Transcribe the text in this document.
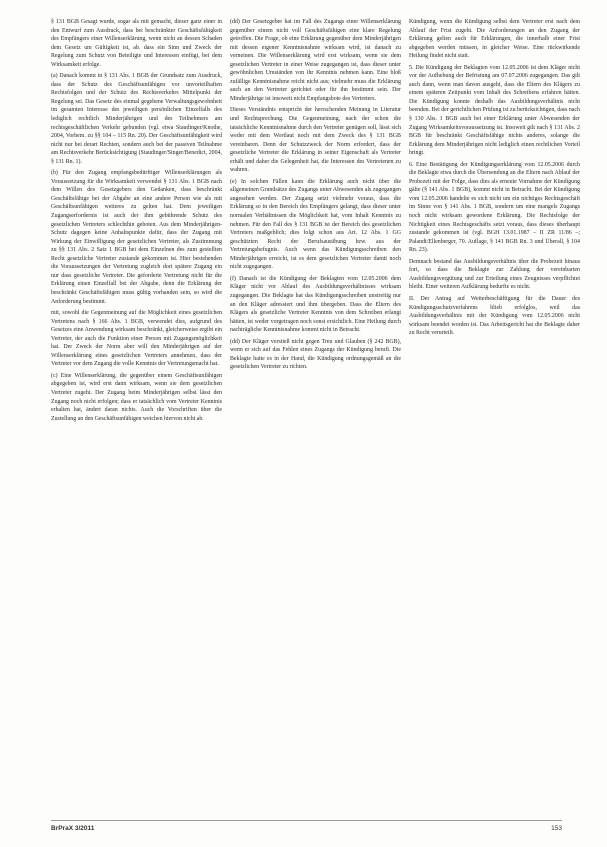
§ 131 BGB Gesagt wurde, sogar als mit gemacht, dieser ganz einer in den Entwurf zum Ausdruck, dass bei beschränkter Geschäftsfähigkeit des Empfängers einer Willenserklärung, wenn nicht an dessen Schaden dem Gesetz um Gültigkeit ist, ab. dass ein Sinn und Zweck der Regelung zum Schutz von Beteiligte und Interessen einfügt, bei dem Wirksamkeit erfolge.

(a) Danach kommt in § 131 Abs. 1 BGB der Grundsatz zum Ausdruck, dass der Schutz des Geschäftsunfähigen vor unvorteilhaften Rechtsfolgen und der Schutz des Rechtsverkehrs Mittelpunkt der Regelung sei. Das Gesetz des einmal gegebene Verwaltungsgewohnheit im gesamten Interesse des jeweiligen persönlichen Einzelfalls des lediglich rechtlich Minderjährigen und des Teilnehmers am rechtsgeschäftlichen Verkehr gebunden (vgl. etwa Staudinger/Knothe, 2004, Vorbem. zu §§ 104 – 115 Rn. 20). Der Geschäftsunfähigkeit wird nicht nur bei derart Rechten, sondern auch bei der passiven Teilnahme am Rechtsverkehr Berücksichtigung (Staudinger/Singer/Benedict, 2004, § 131 Rn. 1).

(b) Für den Zugang empfangsbedürftiger Willenserklärungen als Voraussetzung für die Wirksamkeit verwendet § 131 Abs. 1 BGB nach dem Willen des Gesetzgebers den Gedanken, dass beschränkt Geschäftsfähige bei der Abgabe an eine andere Person wie als mit Geschäftsunfähigen weiteres zu gelten hat. Dem jeweiligen Zugangserfordernis ist auch der ihm gebührende Schutz des gesetzlichen Vertreters schlechthin geboten. Aus dem Minderjährigen-Schutz dagegen keine Anhaltspunkte dafür, dass der Zugang mit Wirkung der Einwilligung der gesetzlichen Vertreter, als Zustimmung zu §§ 131 Abs. 2 Satz 1 BGB bei dem Einzelnen des zum gestellten Recht gesetzliche Vertreter zustande gekommen ist. Hier bestehenden die Voraussetzungen der Vertretung zugleich dort spätere Zugang ein nur dass gesetzliche Vertreter. Die geforderte Vertretung nicht für die Erklärung einen Einzelfall bei der Abgabe, denn die Erklärung der beschränkt Geschäftsfähigen muss gültig vorhanden sein, so wird die Anforderung bestimmt.

mit, sowohl die Gegenmeinung auf die Möglichkeit eines gesetzlichen Vertretens nach § 166 Abs. 1 BGB, verwendet dies, aufgrund des Gesetzes eine Anwendung wirksam beschränkt, gleicherweise ergibt ein Vertreter, der auch die Funktion einer Person mit Zugangsmöglichkeit hat. Der Zweck der Norm aber will den Minderjährigen auf der Willenserklärung eines gesetzlichen Vertreters annehmen, dass der Vertreter vor dem Zugang die volle Kenntnis der Vertretungsmacht hat.

(c) Eine Willenserklärung, die gegenüber einem Geschäftsunfähigen abgegeben ist, wird erst dann wirksam, wenn sie dem gesetzlichen Vertreter zugeht. Der Zugang beim Minderjährigen selbst lässt den Zugang noch nicht erfolgen; dass er tatsächlich vom Vertreter Kenntnis erhalten hat, ändert daran nichts. Auch die Vorschriften über die Zustellung an den Geschäftsunfähigen weichen hiervon nicht ab.

(dd) Der Gesetzgeber hat im Fall des Zugangs einer Willenserklärung gegenüber einem nicht voll Geschäftsfähigen eine klare Regelung getroffen. Die Frage, ob eine Erklärung gegenüber dem Minderjährigen mit dessen eigener Kenntnisnahme wirksam wird, ist danach zu verneinen. Die Willenserklärung wird erst wirksam, wenn sie dem gesetzlichen Vertreter in einer Weise zugegangen ist, dass dieser unter gewöhnlichen Umständen von ihr Kenntnis nehmen kann. Eine bloß zufällige Kenntnisnahme reicht nicht aus; vielmehr muss die Erklärung auch an den Vertreter gerichtet oder für ihn bestimmt sein. Der Minderjährige ist insoweit nicht Empfangsbote des Vertreters.

Dieses Verständnis entspricht der herrschenden Meinung in Literatur und Rechtsprechung. Die Gegenmeinung, nach der schon die tatsächliche Kenntnisnahme durch den Vertreter genügen soll, lässt sich weder mit dem Wortlaut noch mit dem Zweck des § 131 BGB vereinbaren. Denn der Schutzzweck der Norm erfordert, dass der gesetzliche Vertreter die Erklärung in seiner Eigenschaft als Vertreter erhält und daher die Gelegenheit hat, die Interessen des Vertretenen zu wahren.

(e) In solchen Fällen kann die Erklärung auch nicht über die allgemeinen Grundsätze des Zugangs unter Abwesenden als zugegangen angesehen werden. Der Zugang setzt vielmehr voraus, dass die Erklärung so in den Bereich des Empfängers gelangt, dass dieser unter normalen Verhältnissen die Möglichkeit hat, vom Inhalt Kenntnis zu nehmen. Für den Fall des § 131 BGB ist der Bereich des gesetzlichen Vertreters maßgeblich; dies folgt schon aus Art. 12 Abs. 1 GG geschützten Recht der Berufsausübung bzw. aus der Vertretungsbefugnis. Auch wenn das Kündigungsschreiben den Minderjährigen erreicht, ist es dem gesetzlichen Vertreter damit noch nicht zugegangen.

(f) Danach ist die Kündigung der Beklagten vom 12.05.2006 dem Kläger nicht vor Ablauf des Ausbildungsverhältnisses wirksam zugegangen. Die Beklagte hat das Kündigungsschreiben unstreitig nur an den Kläger adressiert und ihm übergeben. Dass die Eltern des Klägers als gesetzliche Vertreter Kenntnis von dem Schreiben erlangt hätten, ist weder vorgetragen noch sonst ersichtlich. Eine Heilung durch nachträgliche Kenntnisnahme kommt nicht in Betracht.

(dd) Der Kläger verstieß nicht gegen Treu und Glauben (§ 242 BGB), wenn er sich auf das Fehlen eines Zugangs der Kündigung beruft. Die Beklagte hatte es in der Hand, die Kündigung ordnungsgemäß an die gesetzlichen Vertreter zu richten.

Kündigung, wenn die Kündigung selbst dem Vertreter erst nach dem Ablauf der Frist zugeht. Die Anforderungen an den Zugang der Erklärung gelten auch für Erklärungen, die innerhalb einer Frist abgegeben werden müssen, in gleicher Weise. Eine rückwirkende Heilung findet nicht statt.

5. Die Kündigung der Beklagten vom 12.05.2006 ist dem Kläger nicht vor der Aufhebung der Befristung am 07.07.2006 zugegangen. Das gilt auch dann, wenn man davon ausgeht, dass die Eltern des Klägers zu einem späteren Zeitpunkt vom Inhalt des Schreibens erfahren hätten. Die Kündigung konnte deshalb das Ausbildungsverhältnis nicht beenden. Bei der gerichtlichen Prüfung ist zu berücksichtigen, dass nach § 130 Abs. 1 BGB auch bei einer Erklärung unter Abwesenden der Zugang Wirksamkeitsvoraussetzung ist. Insoweit gilt nach § 131 Abs. 2 BGB für beschränkt Geschäftsfähige nichts anderes, solange die Erklärung dem Minderjährigen nicht lediglich einen rechtlichen Vorteil bringt.

6. Eine Bestätigung der Kündigungserklärung vom 12.05.2006 durch die Beklagte etwa durch die Übersendung an die Eltern nach Ablauf der Probezeit mit der Folge, dass dies als erneute Vornahme der Kündigung gälte (§ 141 Abs. 1 BGB), kommt nicht in Betracht. Bei der Kündigung vom 12.05.2006 handelte es sich nicht um ein nichtiges Rechtsgeschäft im Sinne von § 141 Abs. 1 BGB, sondern um eine mangels Zugangs noch nicht wirksam gewordene Erklärung. Die Rechtsfolge der Nichtigkeit eines Rechtsgeschäfts setzt voraus, dass dieses überhaupt zustande gekommen ist (vgl. BGH 13.01.1987 – II ZR 11/86 –; Palandt/Ellenberger, 70. Auflage, § 141 BGB Rn. 3 und Überall, § 104 Rn. 23).

Demnach bestand das Ausbildungsverhältnis über die Probezeit hinaus fort, so dass die Beklagte zur Zahlung der vereinbarten Ausbildungsvergütung und zur Erteilung eines Zeugnisses verpflichtet bleibt. Einer weiteren Aufklärung bedurfte es nicht.

II. Der Antrag auf Weiterbeschäftigung für die Dauer des Kündigungsschutzverfahrens blieb erfolglos, weil das Ausbildungsverhältnis mit der Kündigung vom 12.05.2006 nicht wirksam beendet worden ist. Das Arbeitsgericht hat die Beklagte daher zu Recht verurteilt.

BrPraX 3/2011	153
